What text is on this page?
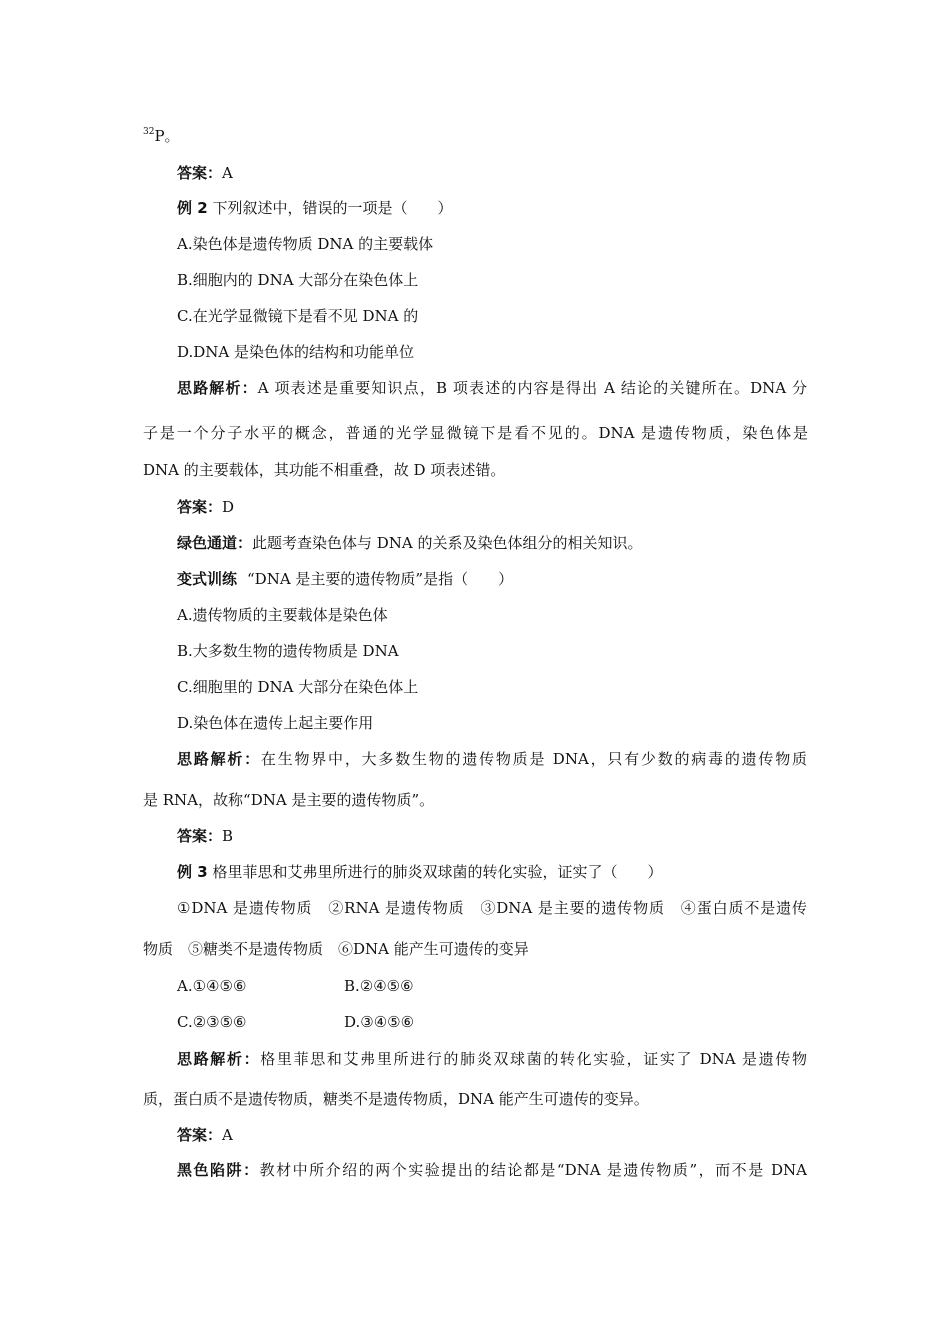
$^{32}$P。
答案：A
例 2 下列叙述中，错误的一项是（　　）
A.染色体是遗传物质 DNA 的主要载体
B.细胞内的 DNA 大部分在染色体上
C.在光学显微镜下是看不见 DNA 的
D.DNA 是染色体的结构和功能单位
思路解析：A 项表述是重要知识点，B 项表述的内容是得出 A 结论的关键所在。DNA 分
子是一个分子水平的概念，普通的光学显微镜下是看不见的。DNA 是遗传物质，染色体是
DNA 的主要载体，其功能不相重叠，故 D 项表述错。
答案：D
绿色通道：此题考查染色体与 DNA 的关系及染色体组分的相关知识。
变式训练 “DNA 是主要的遗传物质”是指（　　）
A.遗传物质的主要载体是染色体
B.大多数生物的遗传物质是 DNA
C.细胞里的 DNA 大部分在染色体上
D.染色体在遗传上起主要作用
思路解析：在生物界中，大多数生物的遗传物质是 DNA，只有少数的病毒的遗传物质
是 RNA，故称“DNA 是主要的遗传物质”。
答案：B
例 3 格里菲思和艾弗里所进行的肺炎双球菌的转化实验，证实了（　　）
①DNA 是遗传物质　②RNA 是遗传物质　③DNA 是主要的遗传物质　④蛋白质不是遗传
物质　⑤糖类不是遗传物质　⑥DNA 能产生可遗传的变异
A.①④⑤⑥	B.②④⑤⑥
C.②③⑤⑥	D.③④⑤⑥
思路解析：格里菲思和艾弗里所进行的肺炎双球菌的转化实验，证实了 DNA 是遗传物
质，蛋白质不是遗传物质，糖类不是遗传物质，DNA 能产生可遗传的变异。
答案：A
黑色陷阱：教材中所介绍的两个实验提出的结论都是“DNA 是遗传物质”，而不是 DNA
